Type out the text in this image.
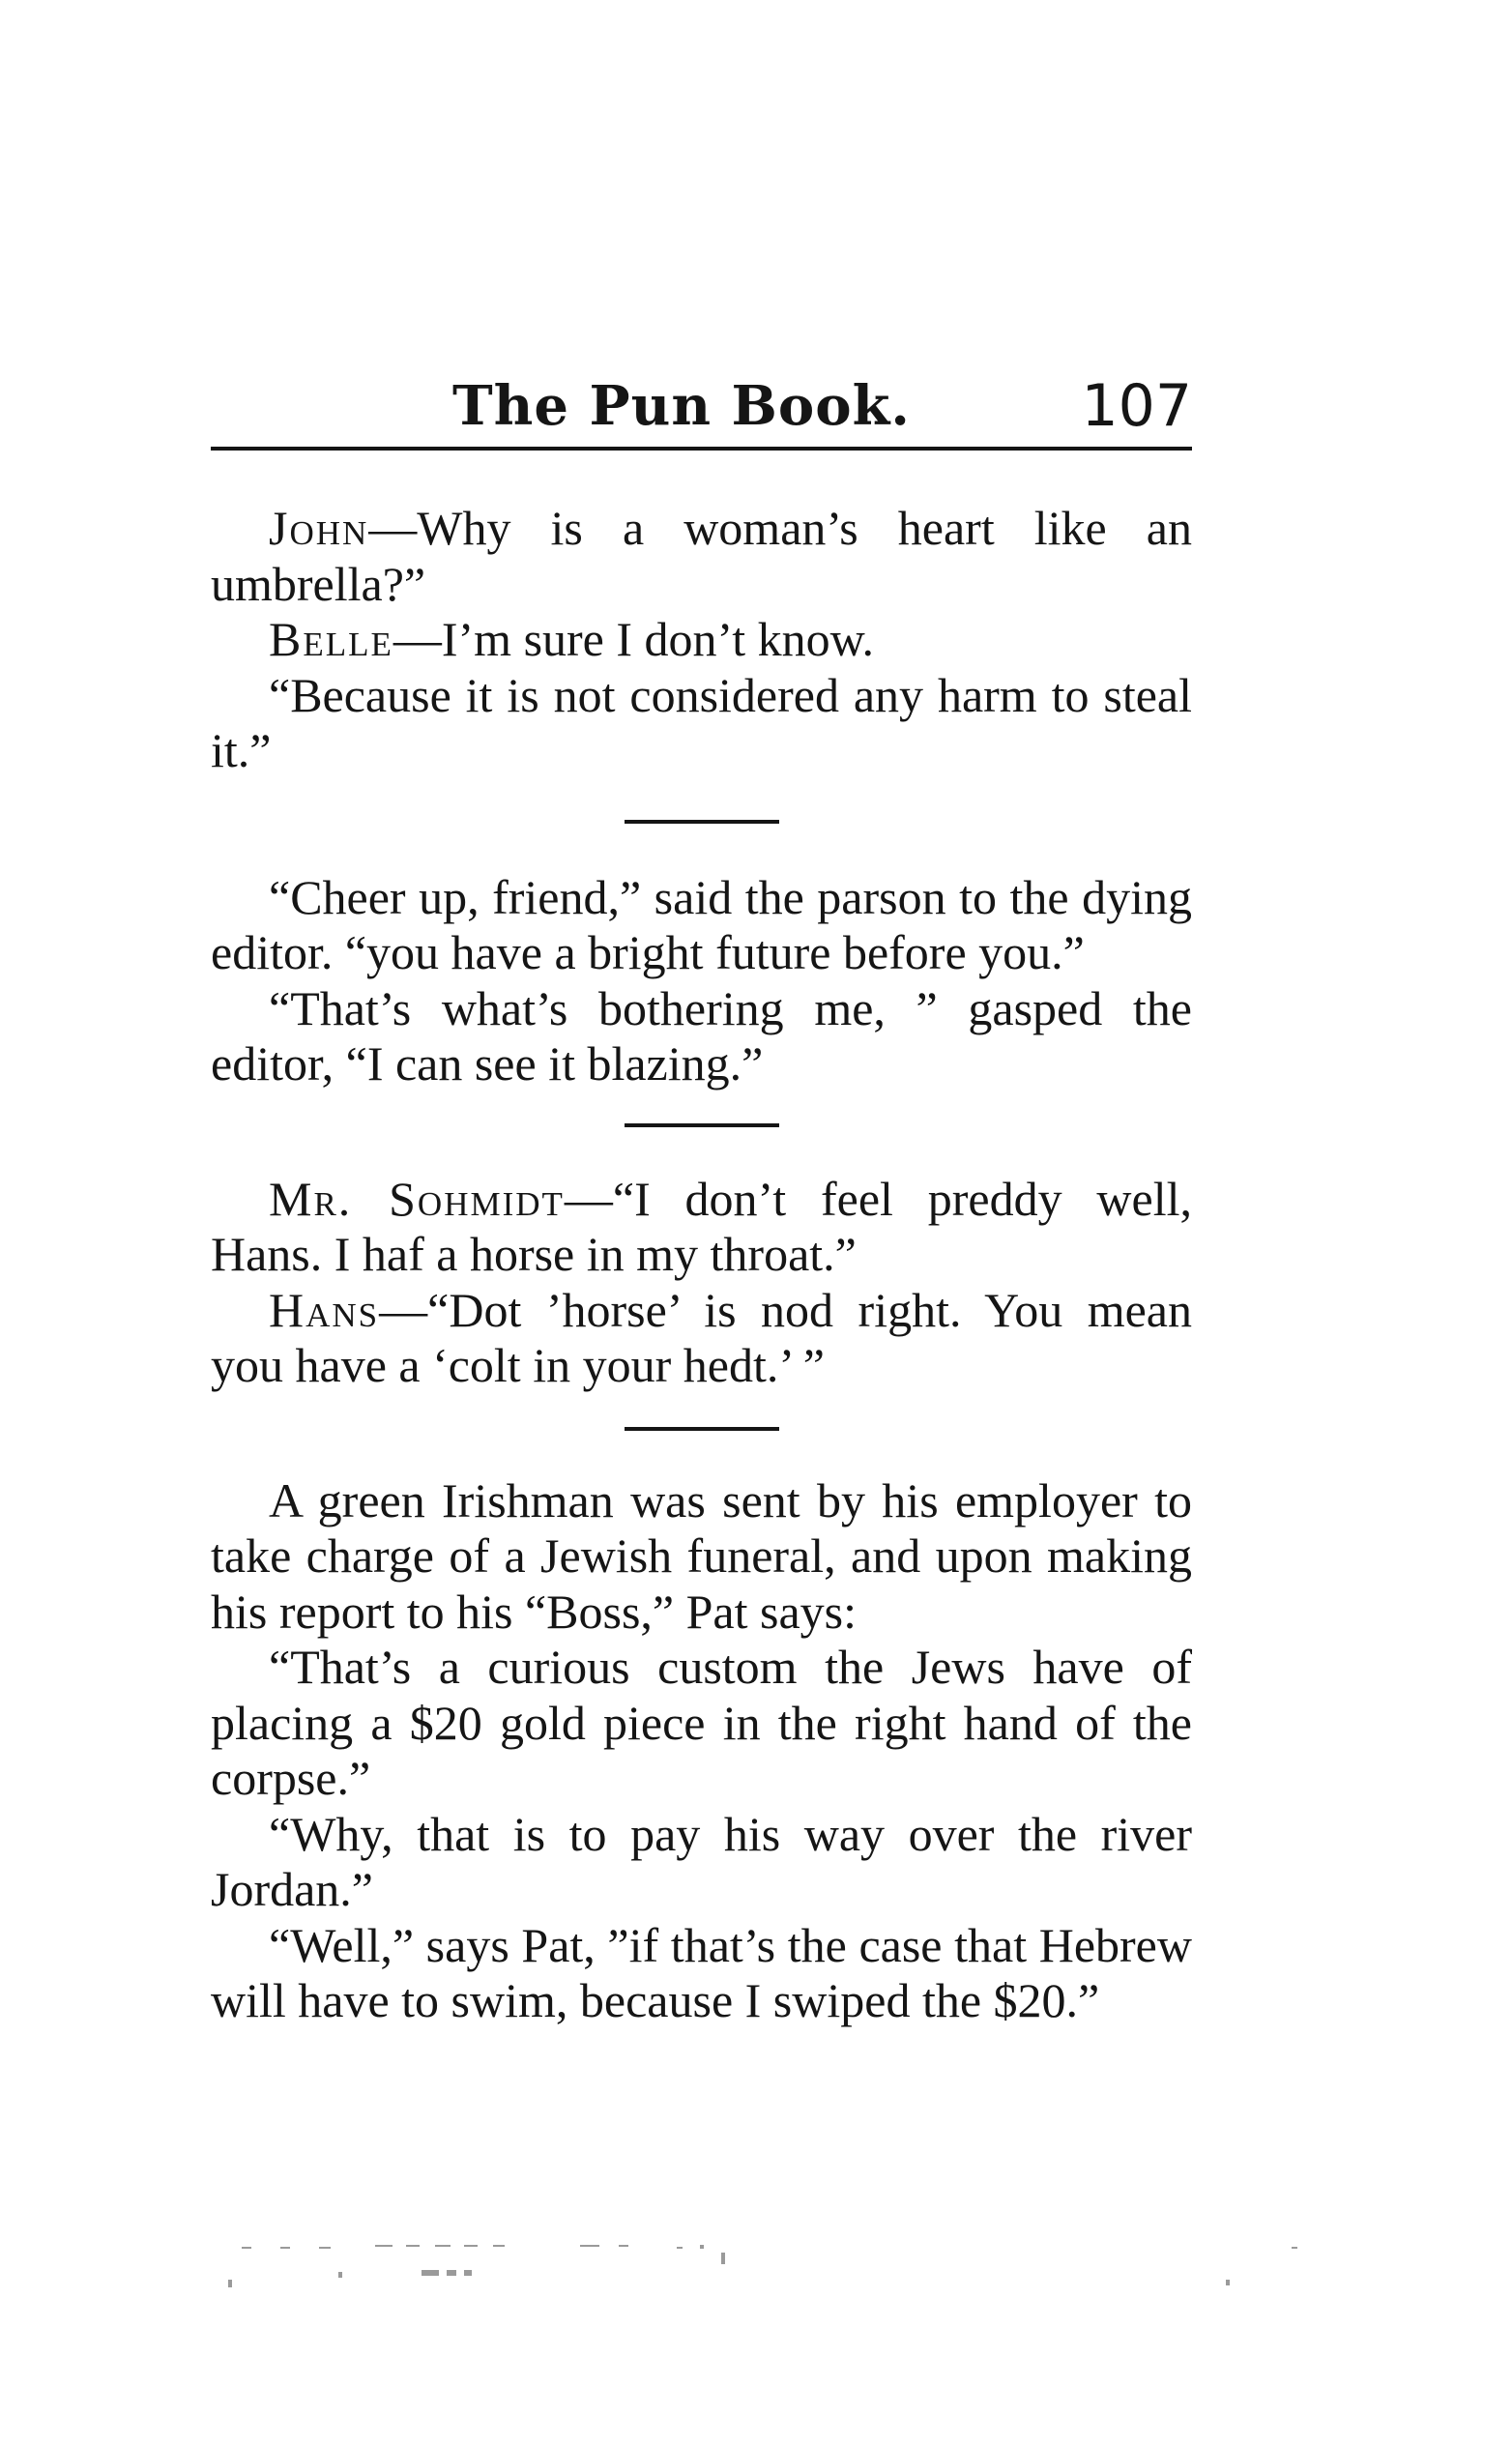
The Pun Book.	107

John—Why is a woman’s heart like an umbrella?”

Belle—I’m sure I don’t know.

“Because it is not considered any harm to steal it.”

“Cheer up, friend,” said the parson to the dying editor. “you have a bright future before you.”

“That’s what’s bothering me, ” gasped the editor, “I can see it blazing.”

Mr. Sohmidt—“I don’t feel preddy well, Hans. I haf a horse in my throat.”

Hans—“Dot ’horse’ is nod right. You mean you have a ‘colt in your hedt.’ ”

A green Irishman was sent by his employer to take charge of a Jewish funeral, and upon making his report to his “Boss,” Pat says:

“That’s a curious custom the Jews have of placing a $20 gold piece in the right hand of the corpse.”

“Why, that is to pay his way over the river Jordan.”

“Well,” says Pat, ”if that’s the case that Hebrew will have to swim, because I swiped the $20.”
